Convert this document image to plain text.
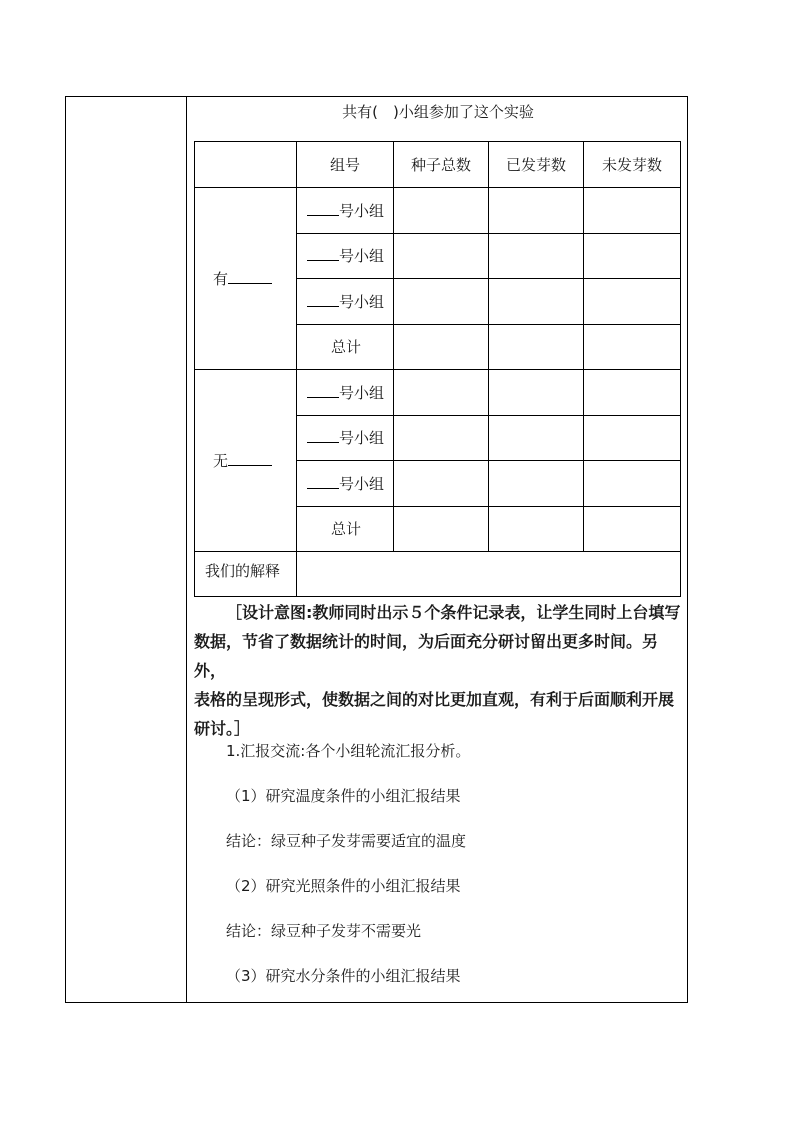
共有(　)小组参加了这个实验
	组号	种子总数	已发芽数	未发芽数
有	号小组			
	号小组			
	号小组			
	总计			
无	号小组			
	号小组			
	号小组			
	总计			
我们的解释				
［设计意图:教师同时出示５个条件记录表，让学生同时上台填写
数据，节省了数据统计的时间，为后面充分研讨留出更多时间。另外，
表格的呈现形式，使数据之间的对比更加直观，有利于后面顺利开展
研讨。］
1.汇报交流:各个小组轮流汇报分析。
（1）研究温度条件的小组汇报结果
结论：绿豆种子发芽需要适宜的温度
（2）研究光照条件的小组汇报结果
结论：绿豆种子发芽不需要光
（3）研究水分条件的小组汇报结果
